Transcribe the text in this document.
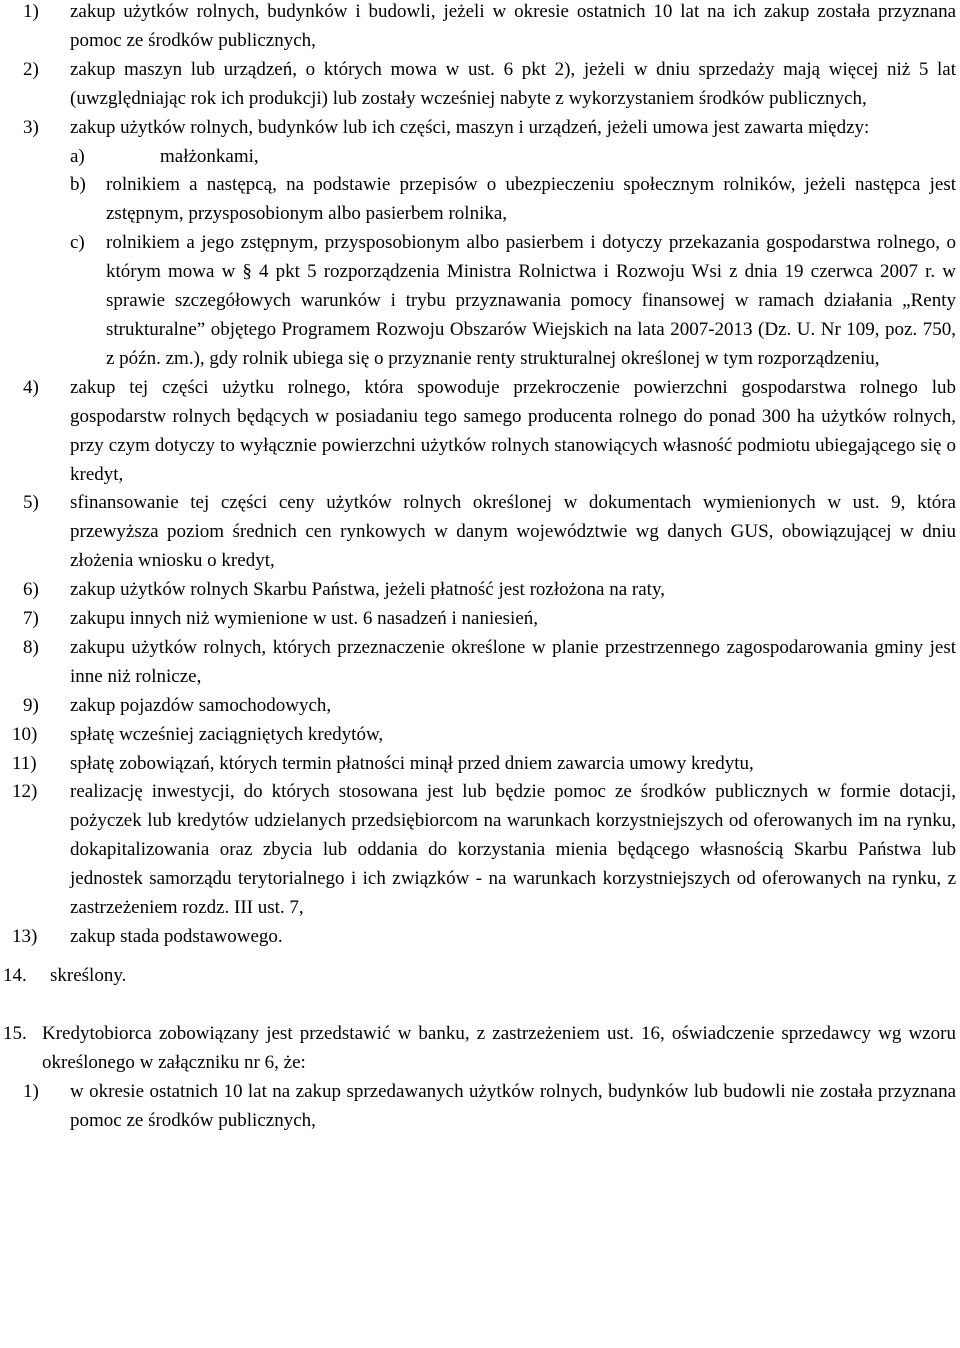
1) zakup użytków rolnych, budynków i budowli, jeżeli w okresie ostatnich 10 lat na ich zakup została przyznana pomoc ze środków publicznych,
2) zakup maszyn lub urządzeń, o których mowa w ust. 6 pkt 2), jeżeli w dniu sprzedaży mają więcej niż 5 lat (uwzględniając rok ich produkcji) lub zostały wcześniej nabyte z wykorzystaniem środków publicznych,
3) zakup użytków rolnych, budynków lub ich części, maszyn i urządzeń, jeżeli umowa jest zawarta między:
a)	małżonkami,
b) rolnikiem a następcą, na podstawie przepisów o ubezpieczeniu społecznym rolników, jeżeli następca jest zstępnym, przysposobionym albo pasierbem rolnika,
c) rolnikiem a jego zstępnym, przysposobionym albo pasierbem i dotyczy przekazania gospodarstwa rolnego, o którym mowa w § 4 pkt 5 rozporządzenia Ministra Rolnictwa i Rozwoju Wsi z dnia 19 czerwca 2007 r. w sprawie szczegółowych warunków i trybu przyznawania pomocy finansowej w ramach działania „Renty strukturalne” objętego Programem Rozwoju Obszarów Wiejskich na lata 2007-2013 (Dz. U. Nr 109, poz. 750, z późn. zm.), gdy rolnik ubiega się o przyznanie renty strukturalnej określonej w tym rozporządzeniu,
4) zakup tej części użytku rolnego, która spowoduje przekroczenie powierzchni gospodarstwa rolnego lub gospodarstw rolnych będących w posiadaniu tego samego producenta rolnego do ponad 300 ha użytków rolnych, przy czym dotyczy to wyłącznie powierzchni użytków rolnych stanowiących własność podmiotu ubiegającego się o kredyt,
5) sfinansowanie tej części ceny użytków rolnych określonej w dokumentach wymienionych w ust. 9, która przewyższa poziom średnich cen rynkowych w danym województwie wg danych GUS, obowiązującej w dniu złożenia wniosku o kredyt,
6) zakup użytków rolnych Skarbu Państwa, jeżeli płatność jest rozłożona na raty,
7) zakupu innych niż wymienione w ust. 6 nasadzeń i naniesień,
8) zakupu użytków rolnych, których przeznaczenie określone w planie przestrzennego zagospodarowania gminy jest inne niż rolnicze,
9) zakup pojazdów samochodowych,
10) spłatę wcześniej zaciągniętych kredytów,
11) spłatę zobowiązań, których termin płatności minął przed dniem zawarcia umowy kredytu,
12) realizację inwestycji, do których stosowana jest lub będzie pomoc ze środków publicznych w formie dotacji, pożyczek lub kredytów udzielanych przedsiębiorcom na warunkach korzystniejszych od oferowanych im na rynku, dokapitalizowania oraz zbycia lub oddania do korzystania mienia będącego własnością Skarbu Państwa lub jednostek samorządu terytorialnego i ich związków - na warunkach korzystniejszych od oferowanych na rynku, z zastrzeżeniem rozdz. III ust. 7,
13) zakup stada podstawowego.
14.	skreślony.
15. Kredytobiorca zobowiązany jest przedstawić w banku, z zastrzeżeniem ust. 16, oświadczenie sprzedawcy wg wzoru określonego w załączniku nr 6, że:
1) w okresie ostatnich 10 lat na zakup sprzedawanych użytków rolnych, budynków lub budowli nie została przyznana pomoc ze środków publicznych,
